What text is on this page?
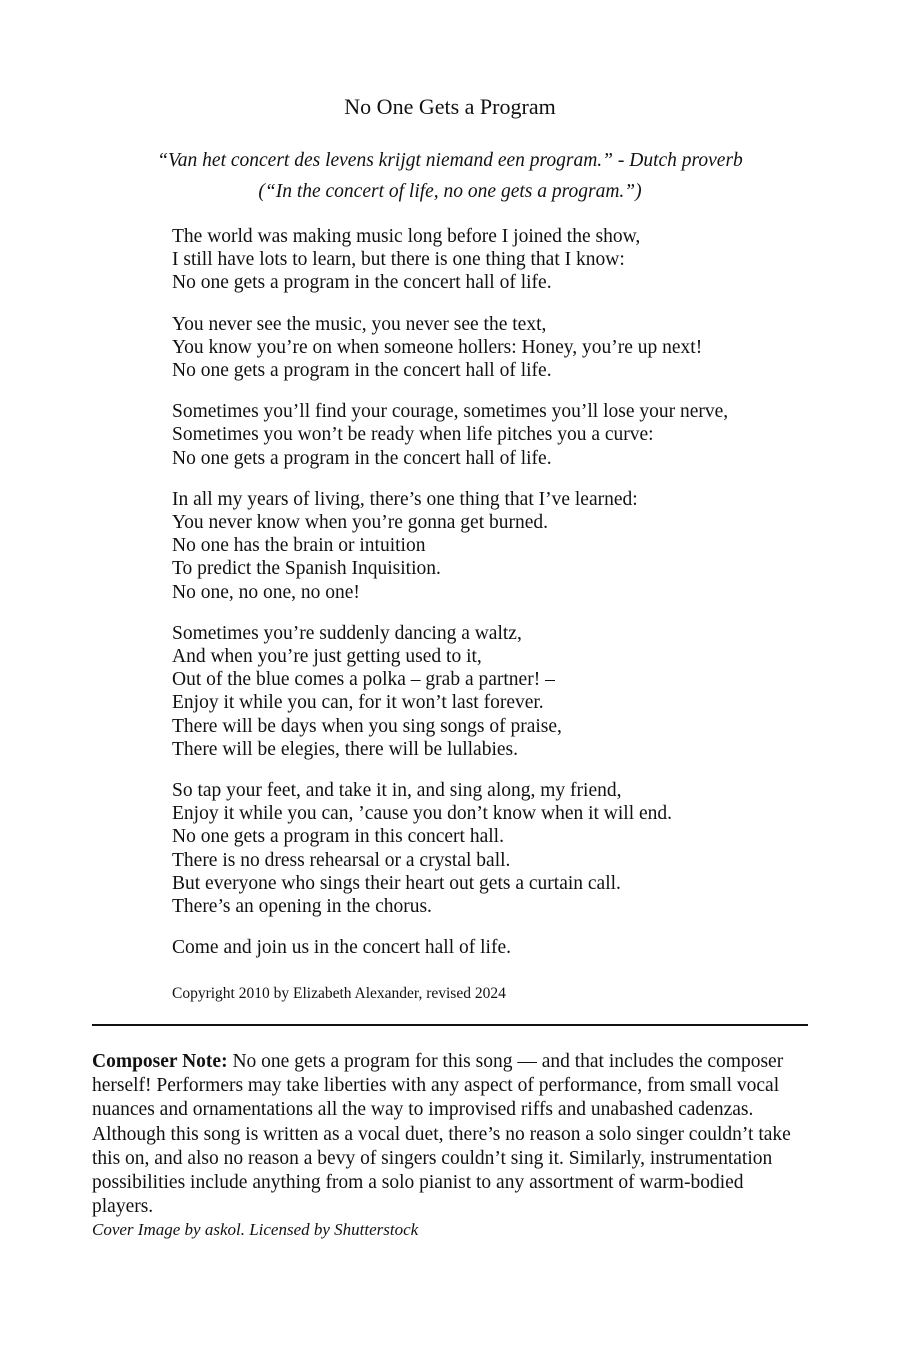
No One Gets a Program
“Van het concert des levens krijgt niemand een program.” - Dutch proverb
(“In the concert of life, no one gets a program.”)
The world was making music long before I joined the show,
I still have lots to learn, but there is one thing that I know:
No one gets a program in the concert hall of life.
You never see the music, you never see the text,
You know you’re on when someone hollers: Honey, you’re up next!
No one gets a program in the concert hall of life.
Sometimes you’ll find your courage, sometimes you’ll lose your nerve,
Sometimes you won’t be ready when life pitches you a curve:
No one gets a program in the concert hall of life.
In all my years of living, there’s one thing that I’ve learned:
You never know when you’re gonna get burned.
No one has the brain or intuition
To predict the Spanish Inquisition.
No one, no one, no one!
Sometimes you’re suddenly dancing a waltz,
And when you’re just getting used to it,
Out of the blue comes a polka – grab a partner! –
Enjoy it while you can, for it won’t last forever.
There will be days when you sing songs of praise,
There will be elegies, there will be lullabies.
So tap your feet, and take it in, and sing along, my friend,
Enjoy it while you can, ’cause you don’t know when it will end.
No one gets a program in this concert hall.
There is no dress rehearsal or a crystal ball.
But everyone who sings their heart out gets a curtain call.
There’s an opening in the chorus.
Come and join us in the concert hall of life.
Copyright 2010 by Elizabeth Alexander, revised 2024
Composer Note: No one gets a program for this song — and that includes the composer herself! Performers may take liberties with any aspect of performance, from small vocal nuances and ornamentations all the way to improvised riffs and unabashed cadenzas. Although this song is written as a vocal duet, there’s no reason a solo singer couldn’t take this on, and also no reason a bevy of singers couldn’t sing it. Similarly, instrumentation possibilities include anything from a solo pianist to any assortment of warm-bodied players.
Cover Image by askol. Licensed by Shutterstock
